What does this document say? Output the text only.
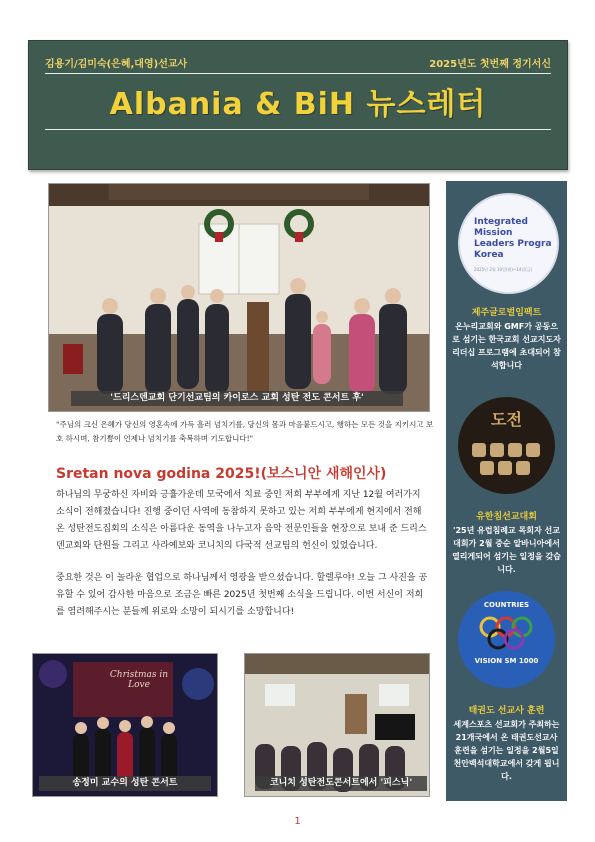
김용기/김미숙(은혜,대영)선교사	2025년도 첫번째 정기서신
Albania & BiH 뉴스레터
'드리스덴교회 단기선교팀의 카이로스 교회 성탄 전도 콘서트 후'
"주님의 크신 은혜가 당신의 영혼속에 가득 흘러 넘치기를, 당신의 몸과 마음붙드시고, 행하는 모든 것을 지키시고 보호 하시며, 참기쁨이 언제나 넘치기를 축복하며 기도합니다!"
Sretan nova godina 2025!(보스니안 새해인사)
하나님의 무궁하신 자비와 긍휼가운데 모국에서 치료 중인 저희 부부에게 지난 12월 여러가지 소식이 전해졌습니다! 진행 중이던 사역에 동참하지 못하고 있는 저희 부부에게 현지에서 전해온 성탄전도집회의 소식은 아름다운 동역을 나누고자 음악 전문인들을 현장으로 보내 준 드리스덴교회와 단원들 그리고 사라예보와 코니치의 다국적 선교팀의 헌신이 있었습니다.
중요한 것은 이 놀라운 협업으로 하나님께서 영광을 받으셨습니다. 할렐루야! 오늘 그 사진을 공유할 수 있어 감사한 마음으로 조금은 빠른 2025년 첫번째 소식을 드립니다. 이번 서신이 저희를 염려해주시는 분들께 위로와 소망이 되시기를 소망합니다!
Christmas in Love
송정미 교수의 성탄 콘서트	코니치 성탄전도콘서트에서 '피스닉'
Integrated
Mission
Leaders Progra
Korea
2025년 2월 10일(월)~14일(금)
제주글로벌임팩트
온누리교회와 GMF가 공동으로 섬기는 한국교회 선교지도자 리더십 프로그램에 초대되어 참석합니다
도전
유한침선교대회
'25년 유럽침례교 목회자 선교대회가 2월 중순 알바니아에서 열리게되어 섬기는 일정을 갖습니다.
COUNTRIES
VISION SM 1000
태권도 선교사 훈련
세계스포츠 선교회가 주최하는 21개국에서 온 태권도선교사 훈련을 섬기는 일정을 2월5일 천안백석대학교에서 갖게 됩니다.
1
